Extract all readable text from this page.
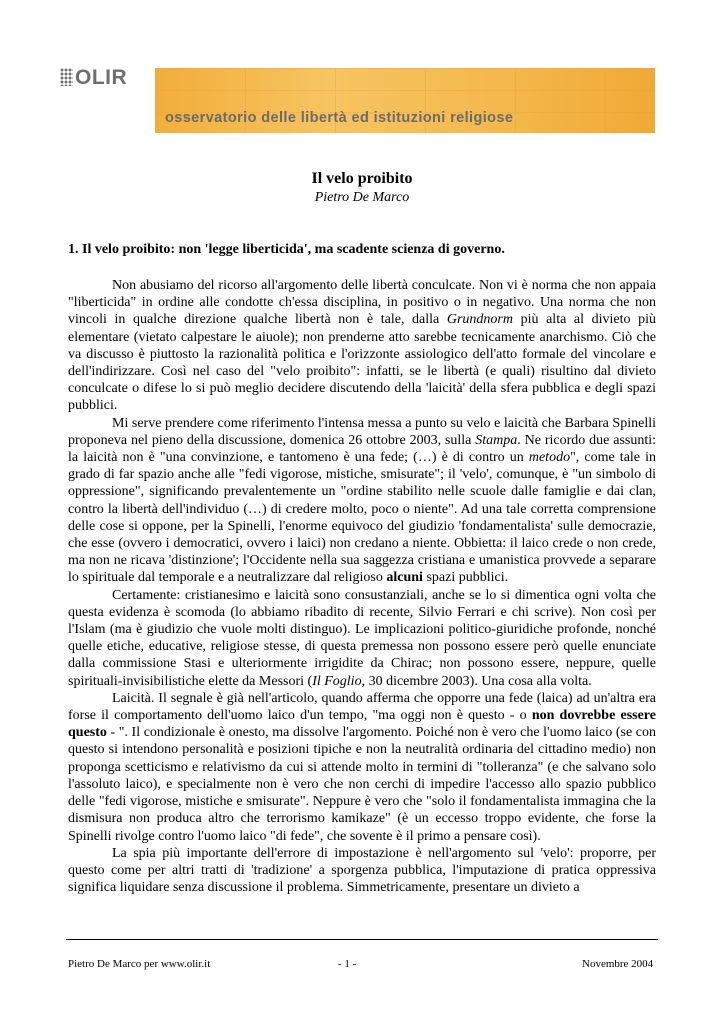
OLIR
osservatorio delle libertà ed istituzioni religiose
Il velo proibito
Pietro De Marco
1. Il velo proibito: non 'legge liberticida', ma scadente scienza di governo.

Non abusiamo del ricorso all'argomento delle libertà conculcate. Non vi è norma che non appaia "liberticida" in ordine alle condotte ch'essa disciplina, in positivo o in negativo. Una norma che non vincoli in qualche direzione qualche libertà non è tale, dalla Grundnorm più alta al divieto più elementare (vietato calpestare le aiuole); non prenderne atto sarebbe tecnicamente anarchismo. Ciò che va discusso è piuttosto la razionalità politica e l'orizzonte assiologico dell'atto formale del vincolare e dell'indirizzare. Così nel caso del "velo proibito": infatti, se le libertà (e quali) risultino dal divieto conculcate o difese lo si può meglio decidere discutendo della 'laicità' della sfera pubblica e degli spazi pubblici.

Mi serve prendere come riferimento l'intensa messa a punto su velo e laicità che Barbara Spinelli proponeva nel pieno della discussione, domenica 26 ottobre 2003, sulla Stampa. Ne ricordo due assunti: la laicità non è "una convinzione, e tantomeno è una fede; (…) è di contro un metodo", come tale in grado di far spazio anche alle "fedi vigorose, mistiche, smisurate"; il 'velo', comunque, è "un simbolo di oppressione", significando prevalentemente un "ordine stabilito nelle scuole dalle famiglie e dai clan, contro la libertà dell'individuo (…) di credere molto, poco o niente". Ad una tale corretta comprensione delle cose si oppone, per la Spinelli, l'enorme equivoco del giudizio 'fondamentalista' sulle democrazie, che esse (ovvero i democratici, ovvero i laici) non credano a niente. Obbietta: il laico crede o non crede, ma non ne ricava 'distinzione'; l'Occidente nella sua saggezza cristiana e umanistica provvede a separare lo spirituale dal temporale e a neutralizzare dal religioso alcuni spazi pubblici.

Certamente: cristianesimo e laicità sono consustanziali, anche se lo si dimentica ogni volta che questa evidenza è scomoda (lo abbiamo ribadito di recente, Silvio Ferrari e chi scrive). Non così per l'Islam (ma è giudizio che vuole molti distinguo). Le implicazioni politico-giuridiche profonde, nonché quelle etiche, educative, religiose stesse, di questa premessa non possono essere però quelle enunciate dalla commissione Stasi e ulteriormente irrigidite da Chirac; non possono essere, neppure, quelle spirituali-invisibilistiche elette da Messori (Il Foglio, 30 dicembre 2003). Una cosa alla volta.

Laicità. Il segnale è già nell'articolo, quando afferma che opporre una fede (laica) ad un'altra era forse il comportamento dell'uomo laico d'un tempo, "ma oggi non è questo - o non dovrebbe essere questo - ". Il condizionale è onesto, ma dissolve l'argomento. Poiché non è vero che l'uomo laico (se con questo si intendono personalità e posizioni tipiche e non la neutralità ordinaria del cittadino medio) non proponga scetticismo e relativismo da cui si attende molto in termini di "tolleranza" (e che salvano solo l'assoluto laico), e specialmente non è vero che non cerchi di impedire l'accesso allo spazio pubblico delle "fedi vigorose, mistiche e smisurate". Neppure è vero che "solo il fondamentalista immagina che la dismisura non produca altro che terrorismo kamikaze" (è un eccesso troppo evidente, che forse la Spinelli rivolge contro l'uomo laico "di fede", che sovente è il primo a pensare così).

La spia più importante dell'errore di impostazione è nell'argomento sul 'velo': proporre, per questo come per altri tratti di 'tradizione' a sporgenza pubblica, l'imputazione di pratica oppressiva significa liquidare senza discussione il problema. Simmetricamente, presentare un divieto a

Pietro De Marco per www.olir.it	- 1 -	Novembre 2004
